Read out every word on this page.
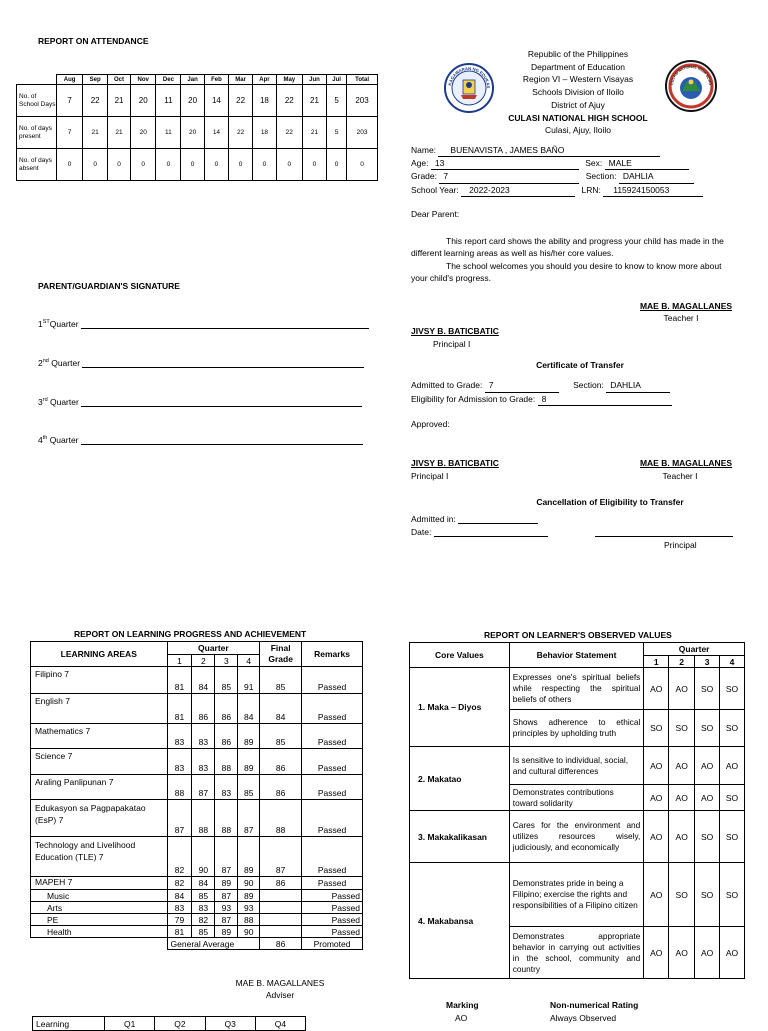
REPORT ON ATTENDANCE
	Aug	Sep	Oct	Nov	Dec	Jan	Feb	Mar	Apr	May	Jun	Jul	Total
No. of School Days	7	22	21	20	11	20	14	22	18	22	21	5	203
No. of days present	7	21	21	20	11	20	14	22	18	22	21	5	203
No. of days absent	0	0	0	0	0	0	0	0	0	0	0	0	0
PARENT/GUARDIAN'S SIGNATURE
1STQuarter
2nd Quarter
3rd Quarter
4th Quarter
KAGAWARAN NG EDUKAS
CULASI NATIONAL HIGH SCHO
Republic of the Philippines
Department of Education
Region VI – Western Visayas
Schools Division of Iloilo
District of Ajuy
CULASI NATIONAL HIGH SCHOOL
Culasi, Ajuy, Iloilo
Name: BUENAVISTA , JAMES BAÑO
Age: 13	Sex: MALE
Grade: 7	Section: DAHLIA
School Year: 2022-2023	LRN: 115924150053
Dear Parent:
This report card shows the ability and progress your child has made in the different learning areas as well as his/her core values.
The school welcomes you should you desire to know to know more about your child's progress.
MAE B. MAGALLANES
Teacher I
JIVSY B. BATICBATIC
Principal I
Certificate of Transfer
Admitted to Grade: 7	Section: DAHLIA
Eligibility for Admission to Grade: 8
Approved:
JIVSY B. BATICBATIC
Principal I
MAE B. MAGALLANES
Teacher I
Cancellation of Eligibility to Transfer
Admitted in:
Date:
Principal
REPORT ON LEARNING PROGRESS AND ACHIEVEMENT
LEARNING AREAS	Quarter				Final Grade	Remarks
	1	2	3	4		
Filipino 7	81	84	85	91	85	Passed
English 7	81	86	86	84	84	Passed
Mathematics 7	83	83	86	89	85	Passed
Science 7	83	83	88	89	86	Passed
Araling Panlipunan 7	88	87	83	85	86	Passed
Edukasyon sa Pagpapakatao (EsP) 7	87	88	88	87	88	Passed
Technology and Livelihood Education (TLE) 7	82	90	87	89	87	Passed
MAPEH 7	82	84	89	90	86	Passed
Music	84	85	87	89		Passed
Arts	83	83	93	93		Passed
PE	79	82	87	88		Passed
Health	81	85	89	90		Passed
	General Average				86	Promoted
MAE B. MAGALLANES
Adviser
Learning	Q1	Q2	Q3	Q4
REPORT ON LEARNER'S OBSERVED VALUES
Core Values	Behavior Statement	Quarter			
		1	2	3	4
1. Maka – Diyos	Expresses one's spiritual beliefs while respecting the spiritual beliefs of others	AO	AO	SO	SO
	Shows adherence to ethical principles by upholding truth	SO	SO	SO	SO
2. Makatao	Is sensitive to individual, social, and cultural differences	AO	AO	AO	AO
	Demonstrates contributions toward solidarity	AO	AO	AO	SO
3. Makakalikasan	Cares for the environment and utilizes resources wisely, judiciously, and economically	AO	AO	SO	SO
4. Makabansa	Demonstrates pride in being a Filipino; exercise the rights and responsibilities of a Filipino citizen	AO	SO	SO	SO
	Demonstrates appropriate behavior in carrying out activities in the school, community and country	AO	AO	AO	AO
Marking	Non-numerical Rating
AO	Always Observed
